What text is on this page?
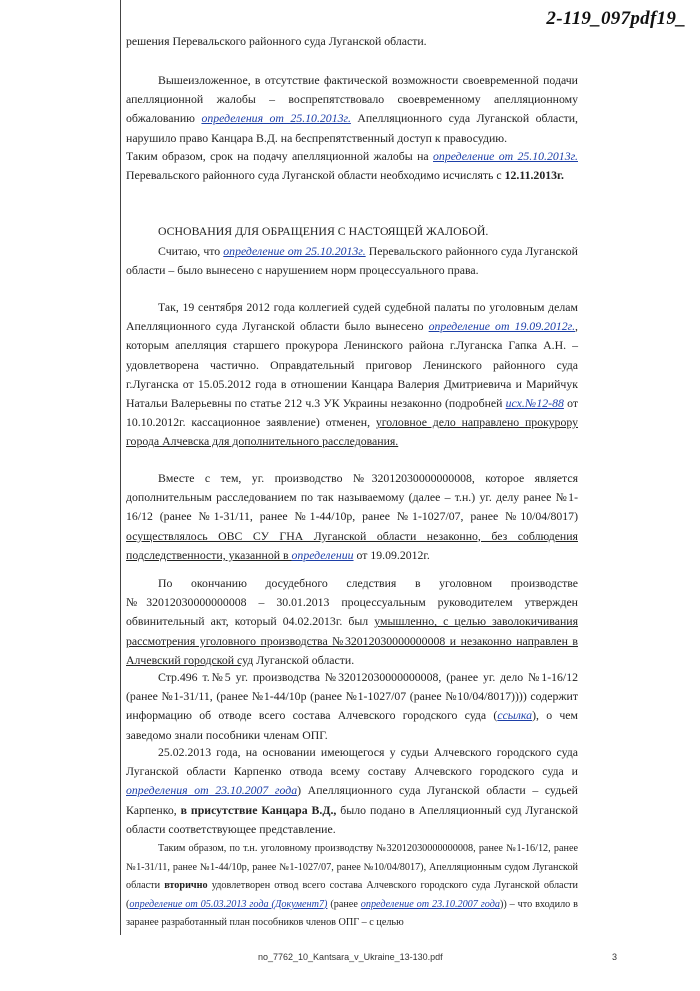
2-119_097pdf19_

решения Перевальского районного суда Луганской области.

Вышеизложенное, в отсутствие фактической возможности своевременной подачи апелляционной жалобы – воспрепятствовало своевременному апелляционному обжалованию определения от 25.10.2013г. Апелляционного суда Луганской области, нарушило право Канцара В.Д. на беспрепятственный доступ к правосудию.

Таким образом, срок на подачу апелляционной жалобы на определение от 25.10.2013г. Перевальского районного суда Луганской области необходимо исчислять с 12.11.2013г.

ОСНОВАНИЯ ДЛЯ ОБРАЩЕНИЯ С НАСТОЯЩЕЙ ЖАЛОБОЙ.

Считаю, что определение от 25.10.2013г. Перевальского районного суда Луганской области – было вынесено с нарушением норм процессуального права.

Так, 19 сентября 2012 года коллегией судей судебной палаты по уголовным делам Апелляционного суда Луганской области было вынесено определение от 19.09.2012г., которым апелляция старшего прокурора Ленинского района г.Луганска Гапка А.Н. – удовлетворена частично. Оправдательный приговор Ленинского районного суда г.Луганска от 15.05.2012 года в отношении Канцара Валерия Дмитриевича и Марийчук Натальи Валерьевны по статье 212 ч.3 УК Украины незаконно (подробней исх.№12-88 от 10.10.2012г. кассационное заявление) отменен, уголовное дело направлено прокурору города Алчевска для дополнительного расследования.

Вместе с тем, уг. производство №32012030000000008, которое является дополнительным расследованием по так называемому (далее – т.н.) уг. делу ранее №1-16/12 (ранее №1-31/11, ранее №1-44/10р, ранее №1-1027/07, ранее №10/04/8017) осуществлялось ОВС СУ ГНА Луганской области незаконно, без соблюдения подследственности, указанной в определении от 19.09.2012г.

По окончанию досудебного следствия в уголовном производстве №32012030000000008 – 30.01.2013 процессуальным руководителем утвержден обвинительный акт, который 04.02.2013г. был умышленно, с целью заволокичивания рассмотрения уголовного производства №32012030000000008 и незаконно направлен в Алчевский городской суд Луганской области.

Стр.496 т.№5 уг. производства №32012030000000008, (ранее уг. дело №1-16/12 (ранее №1-31/11, (ранее №1-44/10р (ранее №1-1027/07 (ранее №10/04/8017)))) содержит информацию об отводе всего состава Алчевского городского суда (ссылка), о чем заведомо знали пособники членам ОПГ.

25.02.2013 года, на основании имеющегося у судьи Алчевского городского суда Луганской области Карпенко отвода всему составу Алчевского городского суда и определения от 23.10.2007 года) Апелляционного суда Луганской области – судьей Карпенко, в присутствие Канцара В.Д., было подано в Апелляционный суд Луганской области соответствующее представление.

Таким образом, по т.н. уголовному производству №32012030000000008, ранее №1-16/12, ранее №1-31/11, ранее №1-44/10р, ранее №1-1027/07, ранее №10/04/8017), Апелляционным судом Луганской области вторично удовлетворен отвод всего состава Алчевского городского суда Луганской области (определение от 05.03.2013 года (Документ7) (ранее определение от 23.10.2007 года)) – что входило в заранее разработанный план пособников членов ОПГ – с целью

no_7762_10_Kantsara_v_Ukraine_13-130.pdf	3
